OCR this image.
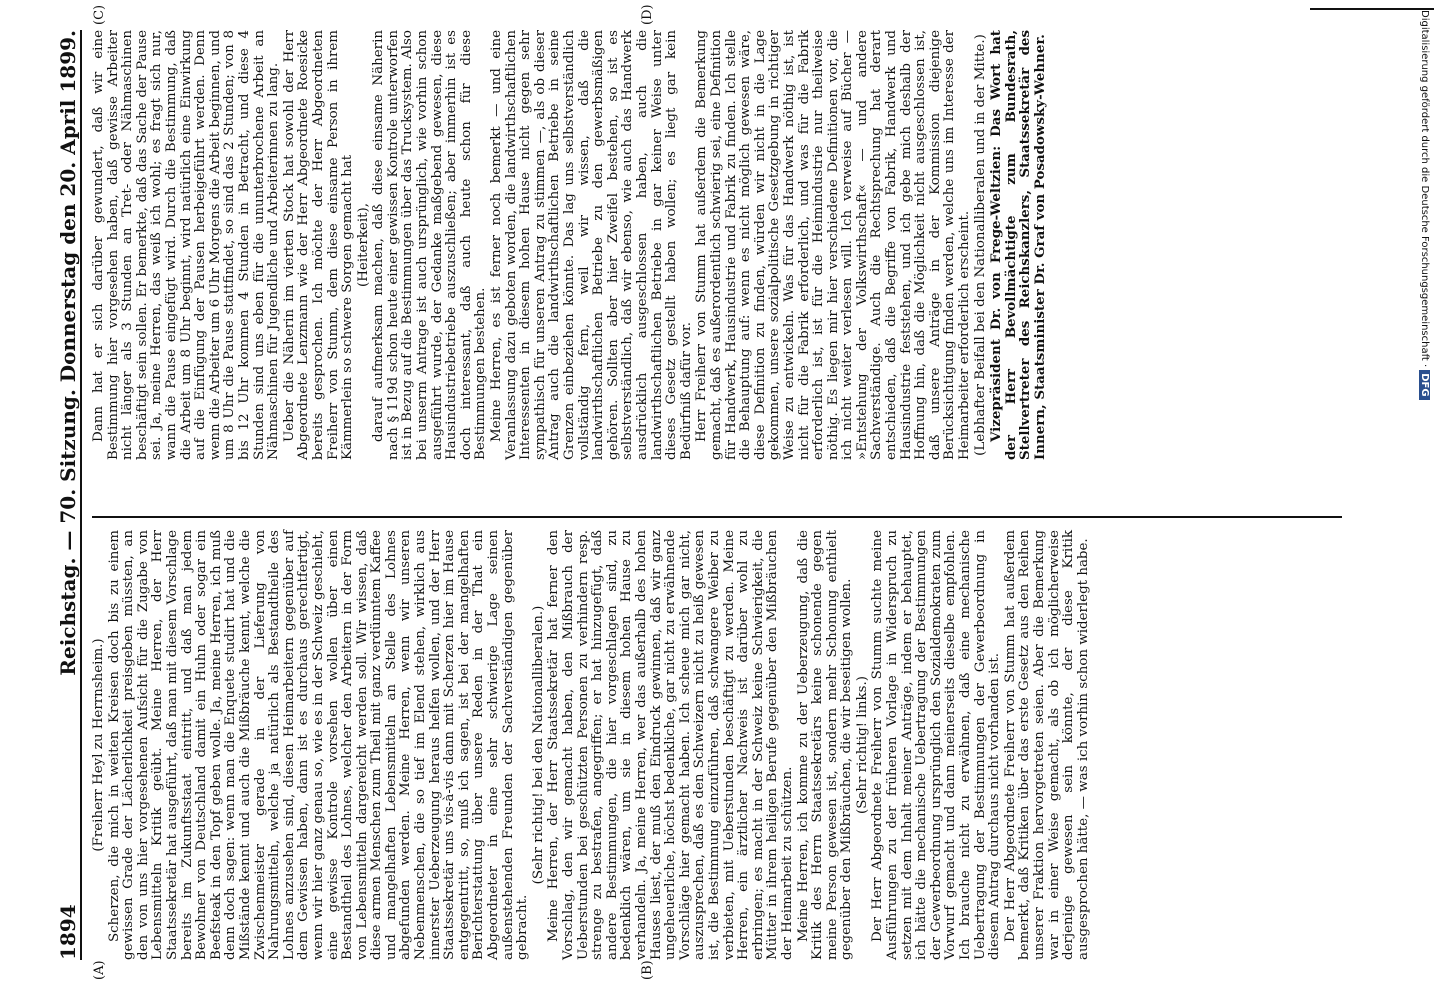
1894
Reichstag. — 70. Sitzung. Donnerstag den 20. April 1899.
(A)	(B)
(C)	(D)

(Freiherr Heyl zu Herrnsheim.) Scherzen, die mich in weiten Kreisen doch bis zu einem gewissen Grade der Lächerlichkeit preisgeben müssten, an den von uns hier vorgesehenen Aufsicht für die Zugabe von Lebensmitteln Kritik geübt. Meine Herren, der Herr Staatssekretär hat ausgeführt, daß man mit diesem Vorschlage bereits im Zukunftsstaat eintritt, und daß man jedem Bewohner von Deutschland damit ein Huhn oder sogar ein Beefsteak in den Topf geben wolle. Ja, meine Herren, ich muß denn doch sagen: wenn man die Enquete studirt hat und die Mißstände kennt und auch die Mißbräuche kennt, welche die Zwischenmeister gerade in der Lieferung von Nahrungsmitteln, welche ja natürlich als Bestandtheile des Lohnes anzusehen sind, diesen Heimarbeitern gegenüber auf dem Gewissen haben, dann ist es durchaus gerechtfertigt, wenn wir hier ganz genau so, wie es in der Schweiz geschieht, eine gewisse Kontrole vorsehen wollen über einen Bestandtheil des Lohnes, welcher den Arbeitern in der Form von Lebensmitteln dargereicht werden soll. Wir wissen, daß diese armen Menschen zum Theil mit ganz verdünntem Kaffee und mangelhaften Lebensmitteln an Stelle des Lohnes abgefunden werden. Meine Herren, wenn wir unseren Nebenmenschen, die so tief im Elend stehen, wirklich aus innerster Ueberzeugung heraus helfen wollen, und der Herr Staatssekretär uns vis-à-vis dann mit Scherzen hier im Hause entgegentritt, so, muß ich sagen, ist bei der mangelhaften Berichterstattung über unsere Reden in der That ein Abgeordneter in eine sehr schwierige Lage seinen außenstehenden Freunden der Sachverständigen gegenüber gebracht.

(Sehr richtig! bei den Nationalliberalen.) Meine Herren, der Herr Staatssekretär hat ferner den Vorschlag, den wir gemacht haben, den Mißbrauch der Ueberstunden bei geschützten Personen zu verhindern resp. strenge zu bestrafen, angegriffen; er hat hinzugefügt, daß andere Bestimmungen, die hier vorgeschlagen sind, zu bedenklich wären, um sie in diesem hohen Hause zu verhandeln. Ja, meine Herren, wer das außerhalb des hohen Hauses liest, der muß den Eindruck gewinnen, daß wir ganz ungeheuerliche, höchst bedenkliche, gar nicht zu erwähnende Vorschläge hier gemacht haben. Ich scheue mich gar nicht, auszusprechen, daß es den Schweizern nicht zu heiß gewesen ist, die Bestimmung einzuführen, daß schwangere Weiber zu verbieten, mit Ueberstunden beschäftigt zu werden. Meine Herren, ein ärztlicher Nachweis ist darüber wohl zu erbringen; es macht in der Schweiz keine Schwierigkeit, die Mütter in ihrem heiligen Berufe gegenüber den Mißbräuchen der Heimarbeit zu schützen. Meine Herren, ich komme zu der Ueberzeugung, daß die Kritik des Herrn Staatssekretärs keine schonende gegen meine Person gewesen ist, sondern mehr Schonung enthielt gegenüber den Mißbräuchen, die wir beseitigen wollen. (Sehr richtig! links.) Der Herr Abgeordnete Freiherr von Stumm suchte meine Ausführungen zu der früheren Vorlage in Widerspruch zu setzen mit dem Inhalt meiner Anträge, indem er behauptet, ich hätte die mechanische Uebertragung der Bestimmungen der Gewerbeordnung ursprünglich den Sozialdemokraten zum Vorwurf gemacht und dann meinerseits dieselbe empfohlen. Ich brauche nicht zu erwähnen, daß eine mechanische Uebertragung der Bestimmungen der Gewerbeordnung in diesem Antrag durchaus nicht vorhanden ist. Der Herr Abgeordnete Freiherr von Stumm hat außerdem bemerkt, daß Kritiken über das erste Gesetz aus den Reihen unserer Fraktion hervorgetreten seien. Aber die Bemerkung war in einer Weise gemacht, als ob ich möglicherweise derjenige gewesen sein könnte, der diese Kritik ausgesprochen hätte, — was ich vorhin schon widerlegt habe.

Dann hat er sich darüber gewundert, daß wir eine Bestimmung hier vorgesehen haben, daß gewisse Arbeiter nicht länger als 3 Stunden an Tret- oder Nähmaschinen beschäftigt sein sollen. Er bemerkte, daß das Sache der Pause sei. Ja, meine Herren, das weiß ich wohl; es fragt sich nur, wann die Pause eingefügt wird. Durch die Bestimmung, daß die Arbeit um 8 Uhr beginnt, wird natürlich eine Einwirkung auf die Einfügung der Pausen herbeigeführt werden. Denn wenn die Arbeiter um 6 Uhr Morgens die Arbeit beginnen, und um 8 Uhr die Pause stattfindet, so sind das 2 Stunden; von 8 bis 12 Uhr kommen 4 Stunden in Betracht, und diese 4 Stunden sind uns eben für die ununterbrochene Arbeit an Nähmaschinen für Jugendliche und Arbeiterinnen zu lang. Ueber die Näherin im vierten Stock hat sowohl der Herr Abgeordnete Lenzmann wie der Herr Abgeordnete Roesicke bereits gesprochen. Ich möchte der Herr Abgeordneten Freiherr von Stumm, dem diese einsame Person in ihrem Kämmerlein so schwere Sorgen gemacht hat (Heiterkeit), darauf aufmerksam machen, daß diese einsame Näherin nach § 119d schon heute einer gewissen Kontrole unterworfen ist in Bezug auf die Bestimmungen über das Trucksystem. Also bei unserm Antrage ist auch ursprünglich, wie vorhin schon ausgeführt wurde, der Gedanke maßgebend gewesen, diese Hausindustriebetriebe auszuschließen; aber immerhin ist es doch interessant, daß auch heute schon für diese Bestimmungen bestehen. Meine Herren, es ist ferner noch bemerkt — und eine Veranlassung dazu geboten worden, die landwirthschaftlichen Interessenten in diesem hohen Hause nicht gegen sehr sympathisch für unseren Antrag zu stimmen —, als ob dieser Antrag auch die landwirthschaftlichen Betriebe in seine Grenzen einbeziehen könnte. Das lag uns selbstverständlich vollständig fern, weil wir wissen, daß die landwirthschaftlichen Betriebe zu den gewerbsmäßigen gehören. Sollten aber hier Zweifel bestehen, so ist es selbstverständlich, daß wir ebenso, wie auch das Handwerk ausdrücklich ausgeschlossen haben, auch die landwirthschaftlichen Betriebe in gar keiner Weise unter dieses Gesetz gestellt haben wollen; es liegt gar kein Bedürfniß dafür vor. Herr Freiherr von Stumm hat außerdem die Bemerkung gemacht, daß es außerordentlich schwierig sei, eine Definition für Handwerk, Hausindustrie und Fabrik zu finden. Ich stelle die Behauptung auf: wenn es nicht möglich gewesen wäre, diese Definition zu finden, würden wir nicht in die Lage gekommen, unsere sozialpolitische Gesetzgebung in richtiger Weise zu entwickeln. Was für das Handwerk nöthig ist, ist nicht für die Fabrik erforderlich, und was für die Fabrik erforderlich ist, ist für die Heimindustrie nur theilweise nöthig. Es liegen mir hier verschiedene Definitionen vor, die ich nicht weiter verlesen will. Ich verweise auf Bücher — »Entstehung der Volkswirthschaft« — und andere Sachverständige. Auch die Rechtsprechung hat derart entschieden, daß die Begriffe von Fabrik, Handwerk und Hausindustrie feststehen, und ich gebe mich deshalb der Hoffnung hin, daß die Möglichkeit nicht ausgeschlossen ist, daß unsere Anträge in der Kommission diejenige Berücksichtigung finden werden, welche uns im Interesse der Heimarbeiter erforderlich erscheint. (Lebhafter Beifall bei den Nationalliberalen und in der Mitte.) Vizepräsident Dr. von Frege-Weltzien: Das Wort hat der Herr Bevollmächtigte zum Bundesrath, Stellvertreter des Reichskanzlers, Staatssekretär des Innern, Staatsminister Dr. Graf von Posadowsky-Wehner.	Digitalisierung gefördert durch die Deutsche Forschungsgemeinschaft ·DFG
